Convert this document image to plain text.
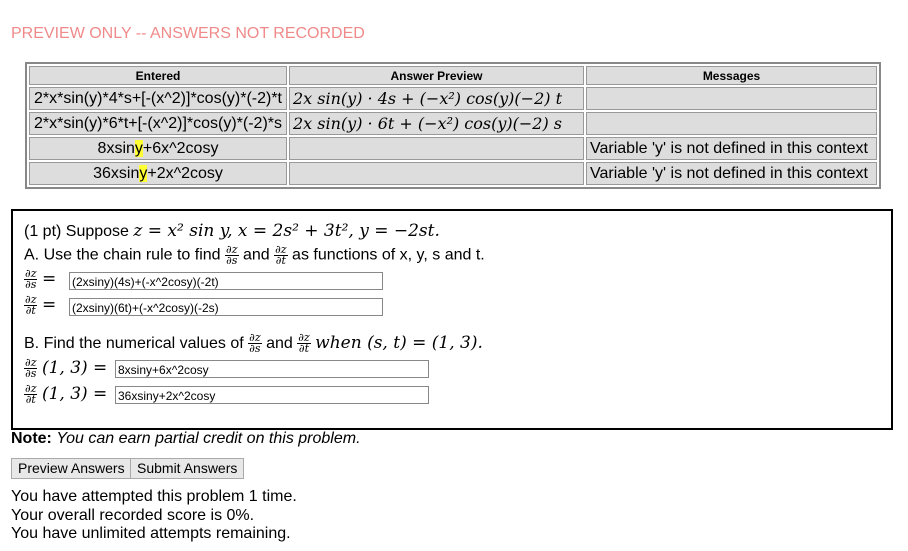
PREVIEW ONLY -- ANSWERS NOT RECORDED
Entered	Answer Preview	Messages
2*x*sin(y)*4*s+[-(x^2)]*cos(y)*(-2)*t	2x sin(y) · 4s + (−x²) cos(y)(−2) t	
2*x*sin(y)*6*t+[-(x^2)]*cos(y)*(-2)*s	2x sin(y) · 6t + (−x²) cos(y)(−2) s	
8xsiny+6x^2cosy		Variable 'y' is not defined in this context
36xsiny+2x^2cosy		Variable 'y' is not defined in this context
(1 pt) Suppose z = x² sin y, x = 2s² + 3t², y = −2st.
A. Use the chain rule to find $\frac{\partial z}{\partial s}$ and $\frac{\partial z}{\partial t}$ as functions of x, y, s and t.
$\frac{\partial z}{\partial s}$ = (2xsiny)(4s)+(-x^2cosy)(-2t)
$\frac{\partial z}{\partial t}$ = (2xsiny)(6t)+(-x^2cosy)(-2s)
B. Find the numerical values of $\frac{\partial z}{\partial s}$ and $\frac{\partial z}{\partial t}$ when (s, t) = (1, 3).
$\frac{\partial z}{\partial s} (1$, 3) = 8xsiny+6x^2cosy
$\frac{\partial z}{\partial t} (1$, 3) = 36xsiny+2x^2cosy
Note: You can earn partial credit on this problem.
Preview Answers Submit Answers
You have attempted this problem 1 time.
Your overall recorded score is 0%.
You have unlimited attempts remaining.
